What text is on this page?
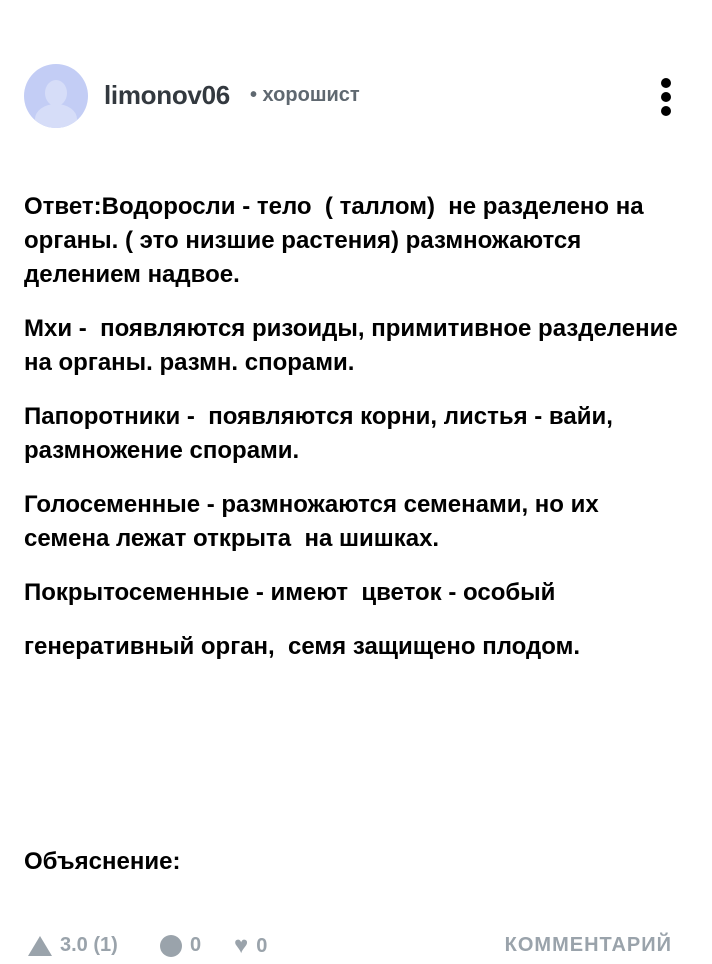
limonov06 • хорошист

Ответ:Водоросли - тело  ( таллом)  не разделено на органы. ( это низшие растения) размножаются делением надвое.

Мхи -  появляются ризоиды, примитивное разделение на органы. размн. спорами.

Папоротники -  появляются корни, листья - вайи,  размножение спорами.

Голосеменные - размножаются семенами, но их семена лежат открыта  на шишках.

Покрытосеменные - имеют  цветок - особый генеративный орган,  семя защищено плодом.

Объяснение:
3.0 (1)	0 ♥ 0	КОММЕНТАРИЙ
